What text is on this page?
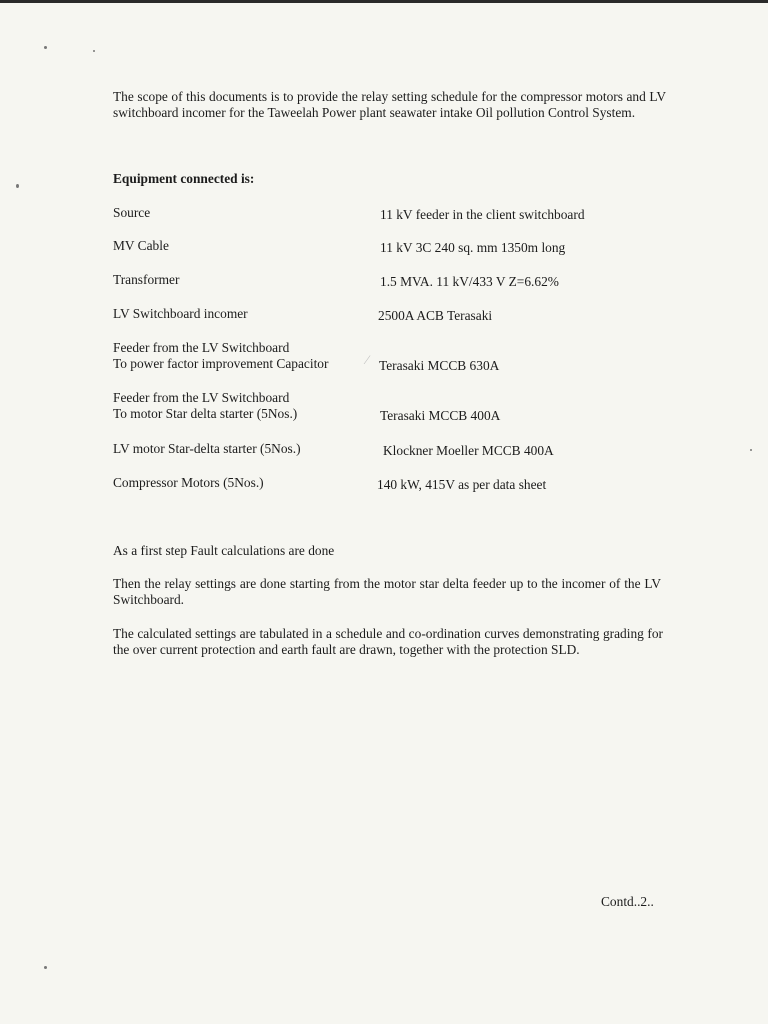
⁄

The scope of this documents is to provide the relay setting schedule for the compressor motors and LV switchboard incomer for the Taweelah Power plant seawater intake Oil pollution Control System.

Equipment connected is:

Source	11 kV feeder in the client switchboard
MV Cable	11 kV 3C 240 sq. mm 1350m long
Transformer	1.5 MVA. 11 kV/433 V Z=6.62%
LV Switchboard incomer	2500A ACB Terasaki
Feeder from the LV Switchboard
To power factor improvement Capacitor	Terasaki MCCB 630A
Feeder from the LV Switchboard
To motor Star delta starter (5Nos.)	Terasaki MCCB 400A
LV motor Star-delta starter (5Nos.)	Klockner Moeller MCCB 400A
Compressor Motors (5Nos.)	140 kW, 415V as per data sheet

As a first step Fault calculations are done

Then the relay settings are done starting from the motor star delta feeder up to the incomer of the LV Switchboard.

The calculated settings are tabulated in a schedule and co-ordination curves demonstrating grading for the over current protection and earth fault are drawn, together with the protection SLD.

Contd..2..
